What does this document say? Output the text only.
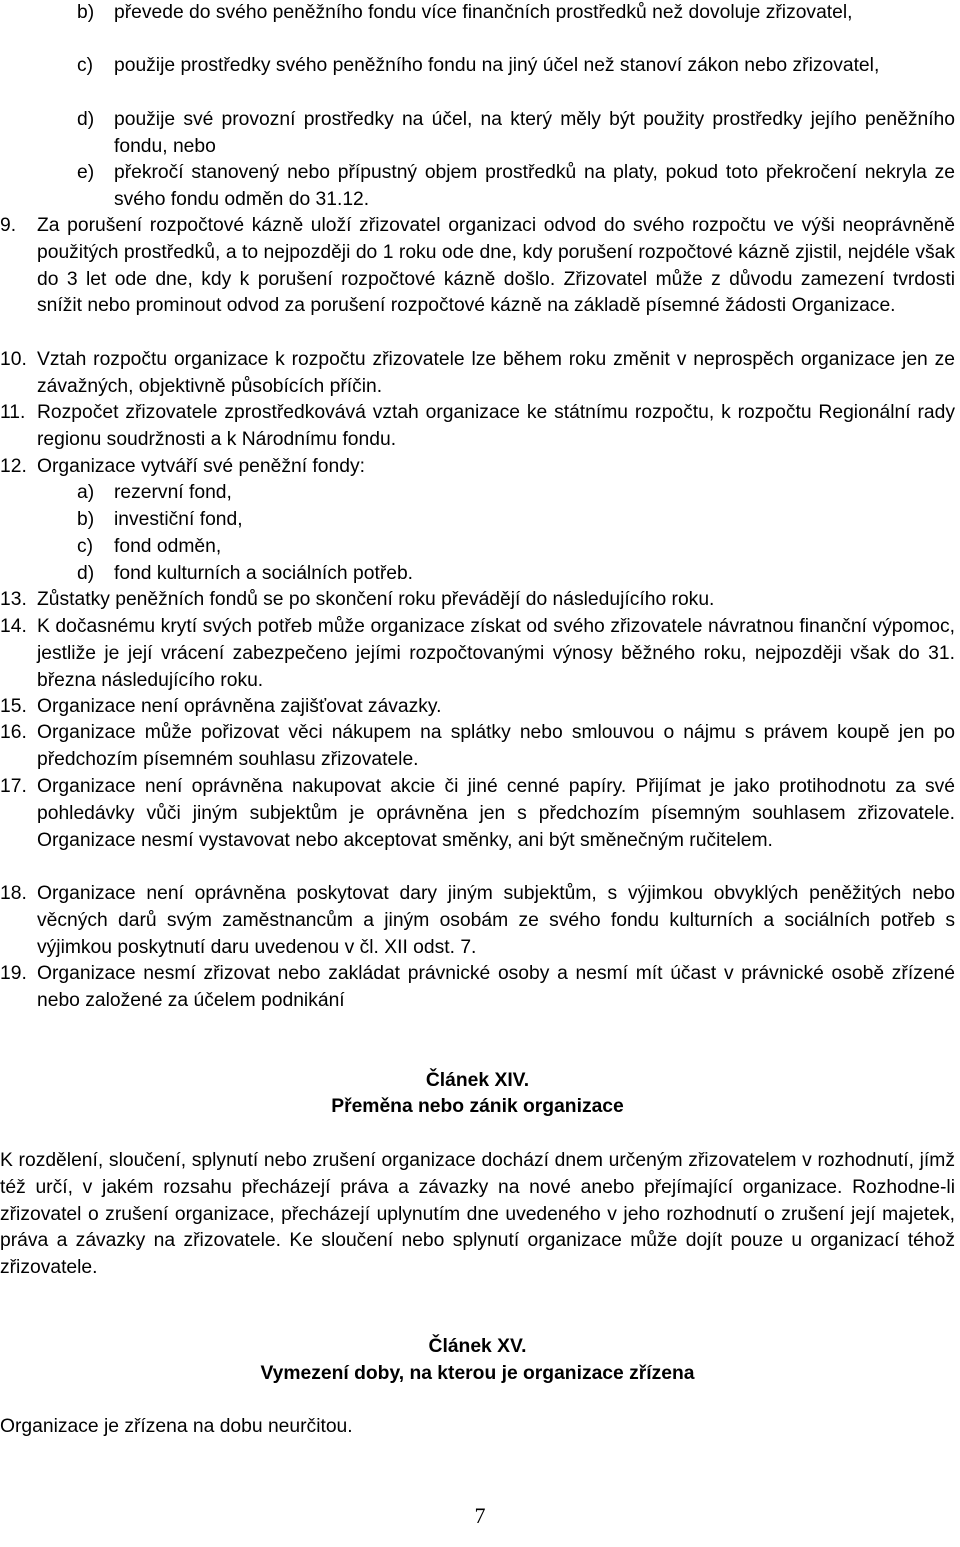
b) převede do svého peněžního fondu více finančních prostředků než dovoluje zřizovatel,
c) použije prostředky svého peněžního fondu na jiný účel než stanoví zákon nebo zřizovatel,
d) použije své provozní prostředky na účel, na který měly být použity prostředky jejího peněžního fondu, nebo
e) překročí stanovený nebo přípustný objem prostředků na platy, pokud toto překročení nekryla ze svého fondu odměn do 31.12.
9. Za porušení rozpočtové kázně uloží zřizovatel organizaci odvod do svého rozpočtu ve výši neoprávněně použitých prostředků, a to nejpozději do 1 roku ode dne, kdy porušení rozpočtové kázně zjistil, nejdéle však do 3 let ode dne, kdy k porušení rozpočtové kázně došlo. Zřizovatel může z důvodu zamezení tvrdosti snížit nebo prominout odvod za porušení rozpočtové kázně na základě písemné žádosti Organizace.
10. Vztah rozpočtu organizace k rozpočtu zřizovatele lze během roku změnit v neprospěch organizace jen ze závažných, objektivně působících příčin.
11. Rozpočet zřizovatele zprostředkovává vztah organizace ke státnímu rozpočtu, k rozpočtu Regionální rady regionu soudržnosti a k Národnímu fondu.
12. Organizace vytváří své peněžní fondy:
a) rezervní fond,
b) investiční fond,
c) fond odměn,
d) fond kulturních a sociálních potřeb.
13. Zůstatky peněžních fondů se po skončení roku převádějí do následujícího roku.
14. K dočasnému krytí svých potřeb může organizace získat od svého zřizovatele návratnou finanční výpomoc, jestliže je její vrácení zabezpečeno jejími rozpočtovanými výnosy běžného roku, nejpozději však do 31. března následujícího roku.
15. Organizace není oprávněna zajišťovat závazky.
16. Organizace může pořizovat věci nákupem na splátky nebo smlouvou o nájmu s právem koupě jen po předchozím písemném souhlasu zřizovatele.
17. Organizace není oprávněna nakupovat akcie či jiné cenné papíry. Přijímat je jako protihodnotu za své pohledávky vůči jiným subjektům je oprávněna jen s předchozím písemným souhlasem zřizovatele. Organizace nesmí vystavovat nebo akceptovat směnky, ani být směnečným ručitelem.
18. Organizace není oprávněna poskytovat dary jiným subjektům, s výjimkou obvyklých peněžitých nebo věcných darů svým zaměstnancům a jiným osobám ze svého fondu kulturních a sociálních potřeb s výjimkou poskytnutí daru uvedenou v čl. XII odst. 7.
19. Organizace nesmí zřizovat nebo zakládat právnické osoby a nesmí mít účast v právnické osobě zřízené nebo založené za účelem podnikání
Článek XIV.
Přeměna nebo zánik organizace
K rozdělení, sloučení, splynutí nebo zrušení organizace dochází dnem určeným zřizovatelem v rozhodnutí, jímž též určí, v jakém rozsahu přecházejí práva a závazky na nové anebo přejímající organizace. Rozhodne-li zřizovatel o zrušení organizace, přecházejí uplynutím dne uvedeného v jeho rozhodnutí o zrušení její majetek, práva a závazky na zřizovatele. Ke sloučení nebo splynutí organizace může dojít pouze u organizací téhož zřizovatele.
Článek XV.
Vymezení doby, na kterou je organizace zřízena
Organizace je zřízena na dobu neurčitou.
7
